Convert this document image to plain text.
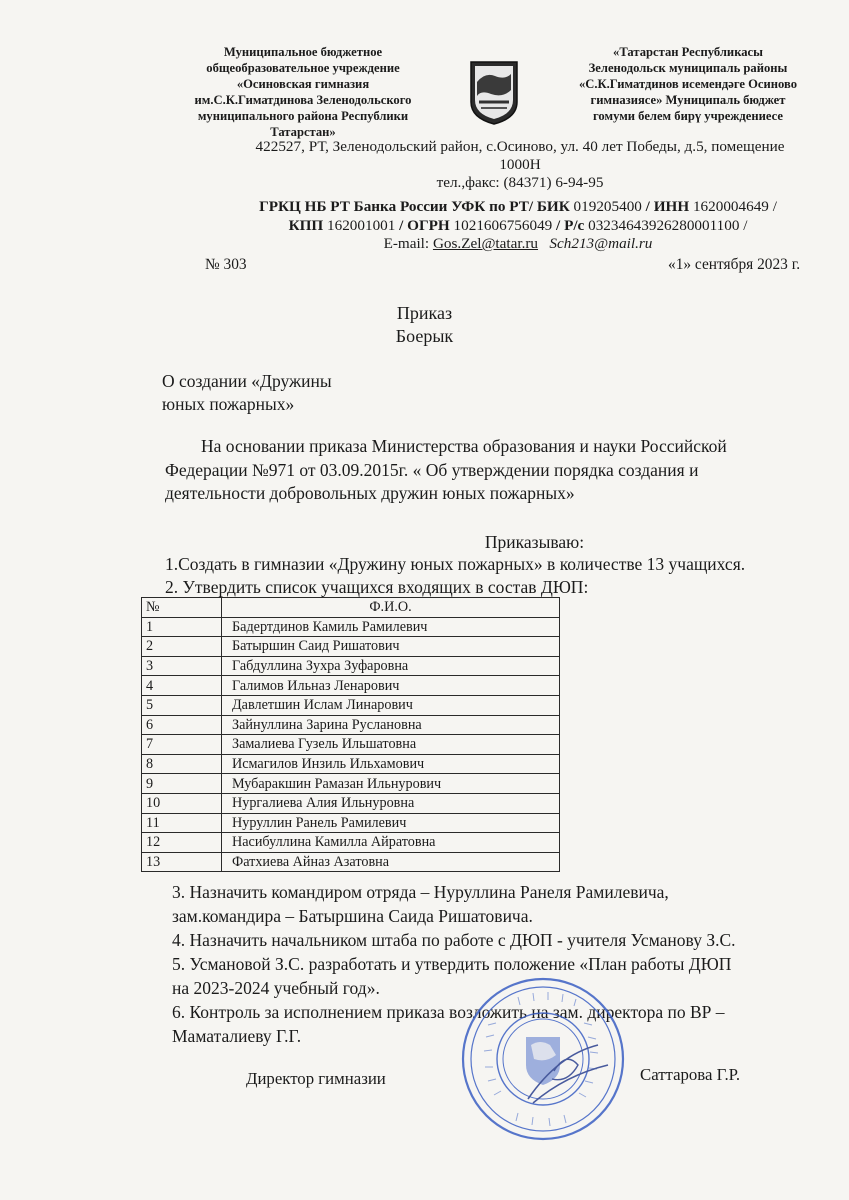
Муниципальное бюджетное
общеобразовательное учреждение
«Осиновская гимназия
им.С.К.Гиматдинова Зеленодольского
муниципального района Республики
Татарстан»
«Татарстан Республикасы
Зеленодольск муниципаль районы
«С.К.Гиматдинов исемендәге Осиново
гимназиясе» Муниципаль бюджет
гомуми белем бирү учреждениесе
422527, РТ, Зеленодольский район, с.Осиново, ул. 40 лет Победы, д.5, помещение
1000Н
тел.,факс: (84371) 6-94-95
ГРКЦ НБ РТ Банка России УФК по РТ/ БИК 019205400 / ИНН 1620004649 /
КПП 162001001 / ОГРН 1021606756049 / Р/с 03234643926280001100 /
E-mail: Gos.Zel@tatar.ru Sch213@mail.ru
№ 303	«1» сентября 2023 г.
Приказ
Боерык
О создании «Дружины
юных пожарных»
На основании приказа Министерства образования и науки Российской
Федерации №971 от 03.09.2015г. « Об утверждении порядка создания и
деятельности добровольных дружин юных пожарных»
Приказываю:
1.Создать в гимназии «Дружину юных пожарных» в количестве 13 учащихся.
2. Утвердить список учащихся входящих в состав ДЮП:
№	Ф.И.О.
1	Бадертдинов Камиль Рамилевич
2	Батыршин Саид Ришатович
3	Габдуллина Зухра Зуфаровна
4	Галимов Ильназ Ленарович
5	Давлетшин Ислам Линарович
6	Зайнуллина Зарина Руслановна
7	Замалиева Гузель Ильшатовна
8	Исмагилов Инзиль Ильхамович
9	Мубаракшин Рамазан Ильнурович
10	Нургалиева Алия Ильнуровна
11	Нуруллин Ранель Рамилевич
12	Насибуллина Камилла Айратовна
13	Фатхиева Айназ Азатовна
3. Назначить командиром отряда – Нуруллина Ранеля Рамилевича,
зам.командира – Батыршина Саида Ришатовича.
4. Назначить начальником штаба по работе с ДЮП - учителя Усманову З.С.
5. Усмановой З.С. разработать и утвердить положение «План работы ДЮП
на 2023-2024 учебный год».
6. Контроль за исполнением приказа возложить на зам. директора по ВР –
Маматалиеву Г.Г.
Директор гимназии	Саттарова Г.Р.
